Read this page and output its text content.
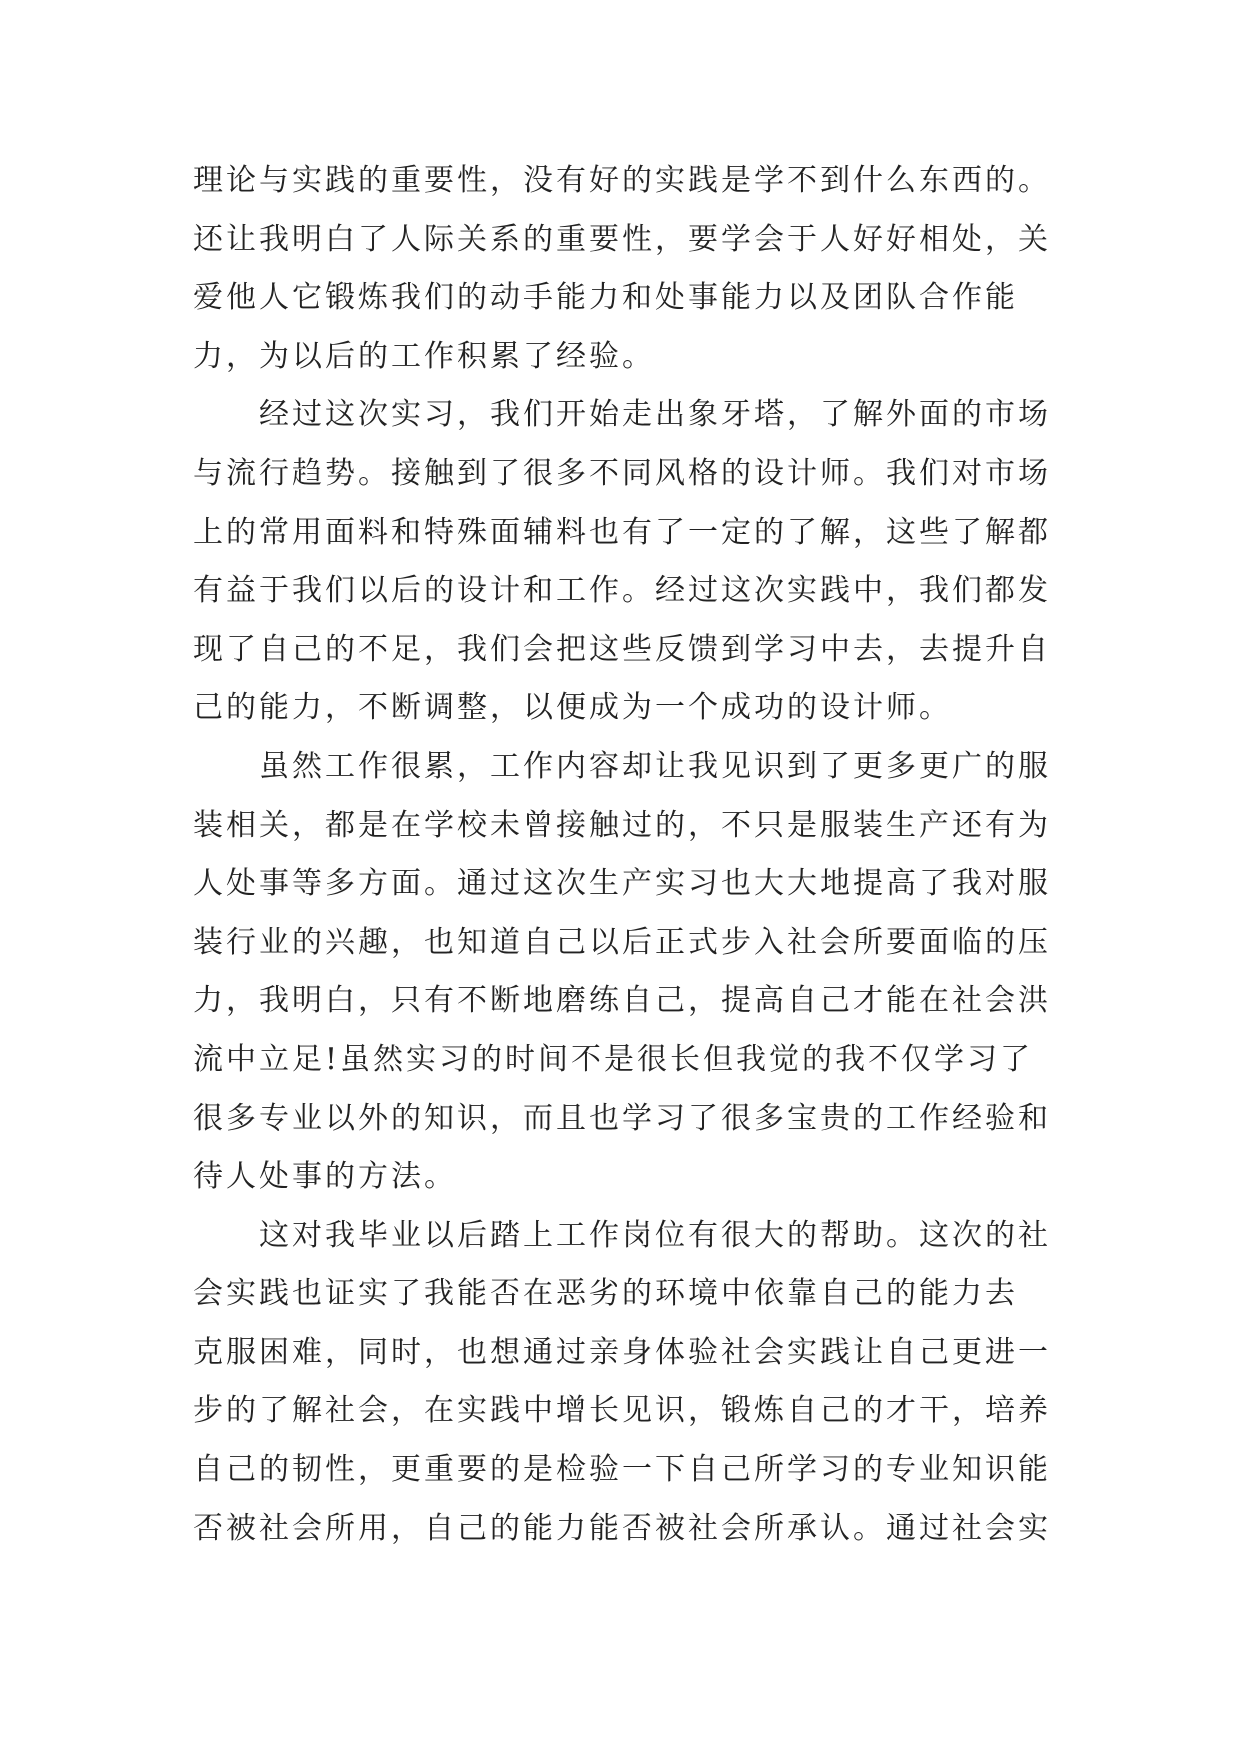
理论与实践的重要性，没有好的实践是学不到什么东西的。
还让我明白了人际关系的重要性，要学会于人好好相处，关
爱他人它锻炼我们的动手能力和处事能力以及团队合作能
力，为以后的工作积累了经验。
　　经过这次实习，我们开始走出象牙塔，了解外面的市场
与流行趋势。接触到了很多不同风格的设计师。我们对市场
上的常用面料和特殊面辅料也有了一定的了解，这些了解都
有益于我们以后的设计和工作。经过这次实践中，我们都发
现了自己的不足，我们会把这些反馈到学习中去，去提升自
己的能力，不断调整，以便成为一个成功的设计师。
　　虽然工作很累，工作内容却让我见识到了更多更广的服
装相关，都是在学校未曾接触过的，不只是服装生产还有为
人处事等多方面。通过这次生产实习也大大地提高了我对服
装行业的兴趣，也知道自己以后正式步入社会所要面临的压
力，我明白，只有不断地磨练自己，提高自己才能在社会洪
流中立足!虽然实习的时间不是很长但我觉的我不仅学习了
很多专业以外的知识，而且也学习了很多宝贵的工作经验和
待人处事的方法。
　　这对我毕业以后踏上工作岗位有很大的帮助。这次的社
会实践也证实了我能否在恶劣的环境中依靠自己的能力去
克服困难，同时，也想通过亲身体验社会实践让自己更进一
步的了解社会，在实践中增长见识，锻炼自己的才干，培养
自己的韧性，更重要的是检验一下自己所学习的专业知识能
否被社会所用，自己的能力能否被社会所承认。通过社会实
